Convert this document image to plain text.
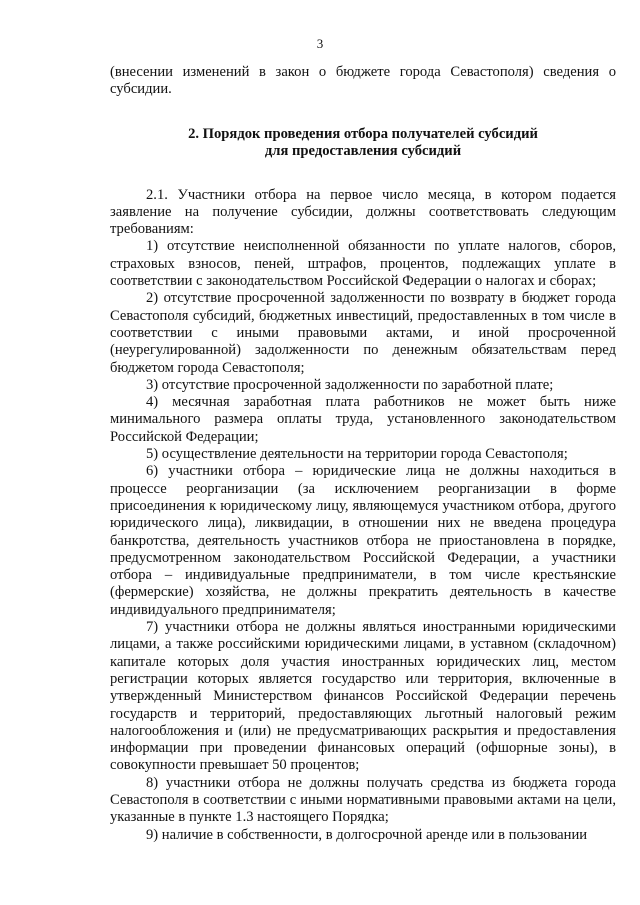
3

(внесении изменений в закон о бюджете города Севастополя) сведения о субсидии.

2. Порядок проведения отбора получателей субсидий
для предоставления субсидий

2.1. Участники отбора на первое число месяца, в котором подается заявление на получение субсидии, должны соответствовать следующим требованиям:

1) отсутствие неисполненной обязанности по уплате налогов, сборов, страховых взносов, пеней, штрафов, процентов, подлежащих уплате в соответствии с законодательством Российской Федерации о налогах и сборах;

2) отсутствие просроченной задолженности по возврату в бюджет города Севастополя субсидий, бюджетных инвестиций, предоставленных в том числе в соответствии с иными правовыми актами, и иной просроченной (неурегулированной) задолженности по денежным обязательствам перед бюджетом города Севастополя;

3) отсутствие просроченной задолженности по заработной плате;

4) месячная заработная плата работников не может быть ниже минимального размера оплаты труда, установленного законодательством Российской Федерации;

5) осуществление деятельности на территории города Севастополя;

6) участники отбора – юридические лица не должны находиться в процессе реорганизации (за исключением реорганизации в форме присоединения к юридическому лицу, являющемуся участником отбора, другого юридического лица), ликвидации, в отношении них не введена процедура банкротства, деятельность участников отбора не приостановлена в порядке, предусмотренном законодательством Российской Федерации, а участники отбора – индивидуальные предприниматели, в том числе крестьянские (фермерские) хозяйства, не должны прекратить деятельность в качестве индивидуального предпринимателя;

7) участники отбора не должны являться иностранными юридическими лицами, а также российскими юридическими лицами, в уставном (складочном) капитале которых доля участия иностранных юридических лиц, местом регистрации которых является государство или территория, включенные в утвержденный Министерством финансов Российской Федерации перечень государств и территорий, предоставляющих льготный налоговый режим налогообложения и (или) не предусматривающих раскрытия и предоставления информации при проведении финансовых операций (офшорные зоны), в совокупности превышает 50 процентов;

8) участники отбора не должны получать средства из бюджета города Севастополя в соответствии с иными нормативными правовыми актами на цели, указанные в пункте 1.3 настоящего Порядка;

9) наличие в собственности, в долгосрочной аренде или в пользовании
